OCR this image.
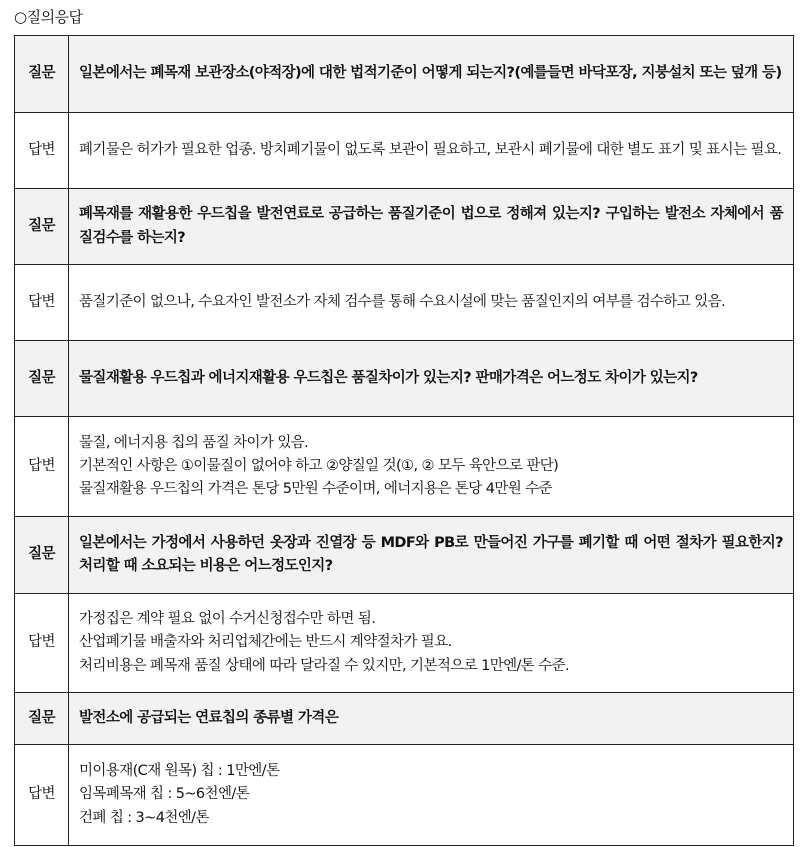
○질의응답
질문	일본에서는 폐목재 보관장소(야적장)에 대한 법적기준이 어떻게 되는지?(예를들면 바닥포장, 지붕설치 또는 덮개 등)

답변	폐기물은 허가가 필요한 업종. 방치폐기물이 없도록 보관이 필요하고, 보관시 폐기물에 대한 별도 표기 및 표시는 필요.

질문	폐목재를 재활용한 우드칩을 발전연료로 공급하는 품질기준이 법으로 정해져 있는지? 구입하는 발전소 자체에서 품질검수를 하는지?

답변	품질기준이 없으나, 수요자인 발전소가 자체 검수를 통해 수요시설에 맞는 품질인지의 여부를 검수하고 있음.

질문	물질재활용 우드칩과 에너지재활용 우드칩은 품질차이가 있는지? 판매가격은 어느정도 차이가 있는지?

답변	물질, 에너지용 칩의 품질 차이가 있음.
기본적인 사항은 ①이물질이 없어야 하고 ②양질일 것(①, ② 모두 육안으로 판단)
물질재활용 우드칩의 가격은 톤당 5만원 수준이며, 에너지용은 톤당 4만원 수준

질문	일본에서는 가정에서 사용하던 옷장과 진열장 등 MDF와 PB로 만들어진 가구를 폐기할 때 어떤 절차가 필요한지? 처리할 때 소요되는 비용은 어느정도인지?

답변	가정집은 계약 필요 없이 수거신청접수만 하면 됨.
산업폐기물 배출자와 처리업체간에는 반드시 계약절차가 필요.
처리비용은 폐목재 품질 상태에 따라 달라질 수 있지만, 기본적으로 1만엔/톤 수준.

질문	발전소에 공급되는 연료칩의 종류별 가격은

답변	미이용재(C재 원목) 칩 : 1만엔/톤
임목폐목재 칩 : 5~6천엔/톤
건폐 칩 : 3~4천엔/톤
